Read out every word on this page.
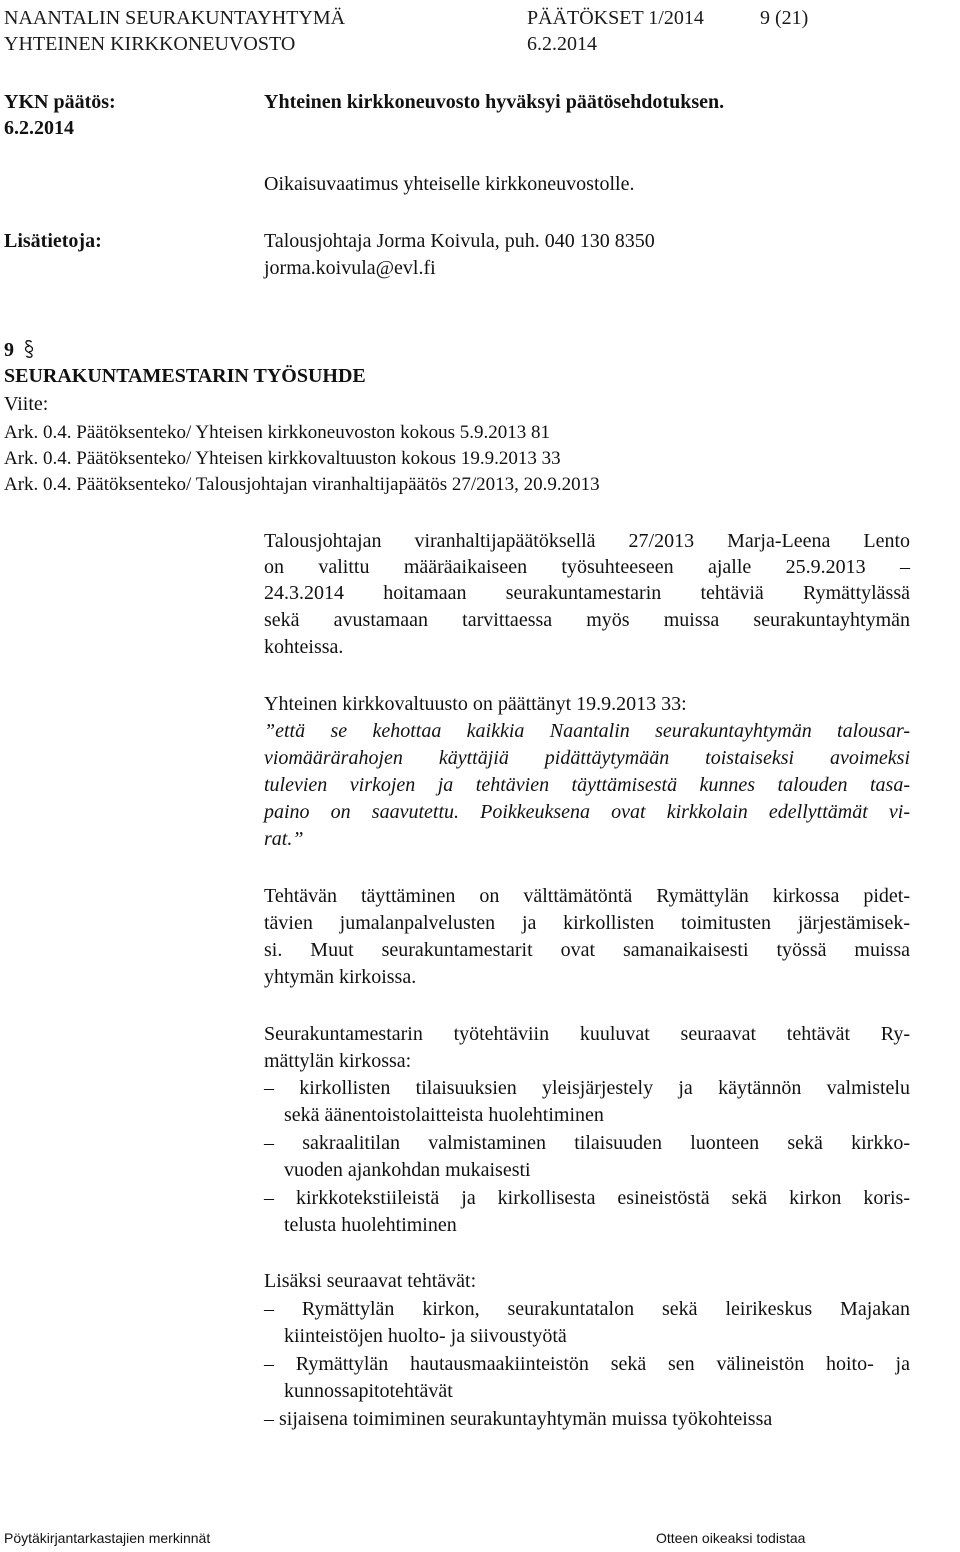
NAANTALIN SEURAKUNTAYHTYMÄ	PÄÄTÖKSET 1/2014	9 (21)
YHTEINEN KIRKKONEUVOSTO	6.2.2014
YKN päätös:
6.2.2014
Yhteinen kirkkoneuvosto hyväksyi päätösehdotuksen.
Oikaisuvaatimus yhteiselle kirkkoneuvostolle.
Lisätietoja:	Talousjohtaja Jorma Koivula, puh. 040 130 8350
jorma.koivula@evl.fi
9
SEURAKUNTAMESTARIN TYÖSUHDE
Viite:
Ark. 0.4. Päätöksenteko/ Yhteisen kirkkoneuvoston kokous 5.9.2013 81
Ark. 0.4. Päätöksenteko/ Yhteisen kirkkovaltuuston kokous 19.9.2013 33
Ark. 0.4. Päätöksenteko/ Talousjohtajan viranhaltijapäätös 27/2013, 20.9.2013
Talousjohtajan viranhaltijapäätöksellä 27/2013 Marja-Leena Lento
on valittu määräaikaiseen työsuhteeseen ajalle 25.9.2013 –
24.3.2014 hoitamaan seurakuntamestarin tehtäviä Rymättylässä
sekä avustamaan tarvittaessa myös muissa seurakuntayhtymän
kohteissa.
Yhteinen kirkkovaltuusto on päättänyt 19.9.2013 33:
”että se kehottaa kaikkia Naantalin seurakuntayhtymän talousar-
viomäärärahojen käyttäjiä pidättäytymään toistaiseksi avoimeksi
tulevien virkojen ja tehtävien täyttämisestä kunnes talouden tasa-
paino on saavutettu. Poikkeuksena ovat kirkkolain edellyttämät vi-
rat.”
Tehtävän täyttäminen on välttämätöntä Rymättylän kirkossa pidet-
tävien jumalanpalvelusten ja kirkollisten toimitusten järjestämisek-
si. Muut seurakuntamestarit ovat samanaikaisesti työssä muissa
yhtymän kirkoissa.
Seurakuntamestarin työtehtäviin kuuluvat seuraavat tehtävät Ry-
mättylän kirkossa:
– kirkollisten tilaisuuksien yleisjärjestely ja käytännön valmistelu
sekä äänentoistolaitteista huolehtiminen
– sakraalitilan valmistaminen tilaisuuden luonteen sekä kirkko-
vuoden ajankohdan mukaisesti
– kirkkotekstiileistä ja kirkollisesta esineistöstä sekä kirkon koris-
telusta huolehtiminen
Lisäksi seuraavat tehtävät:
– Rymättylän kirkon, seurakuntatalon sekä leirikeskus Majakan
kiinteistöjen huolto- ja siivoustyötä
– Rymättylän hautausmaakiinteistön sekä sen välineistön hoito- ja
kunnossapitotehtävät
– sijaisena toimiminen seurakuntayhtymän muissa työkohteissa
Pöytäkirjantarkastajien merkinnät	Otteen oikeaksi todistaa
